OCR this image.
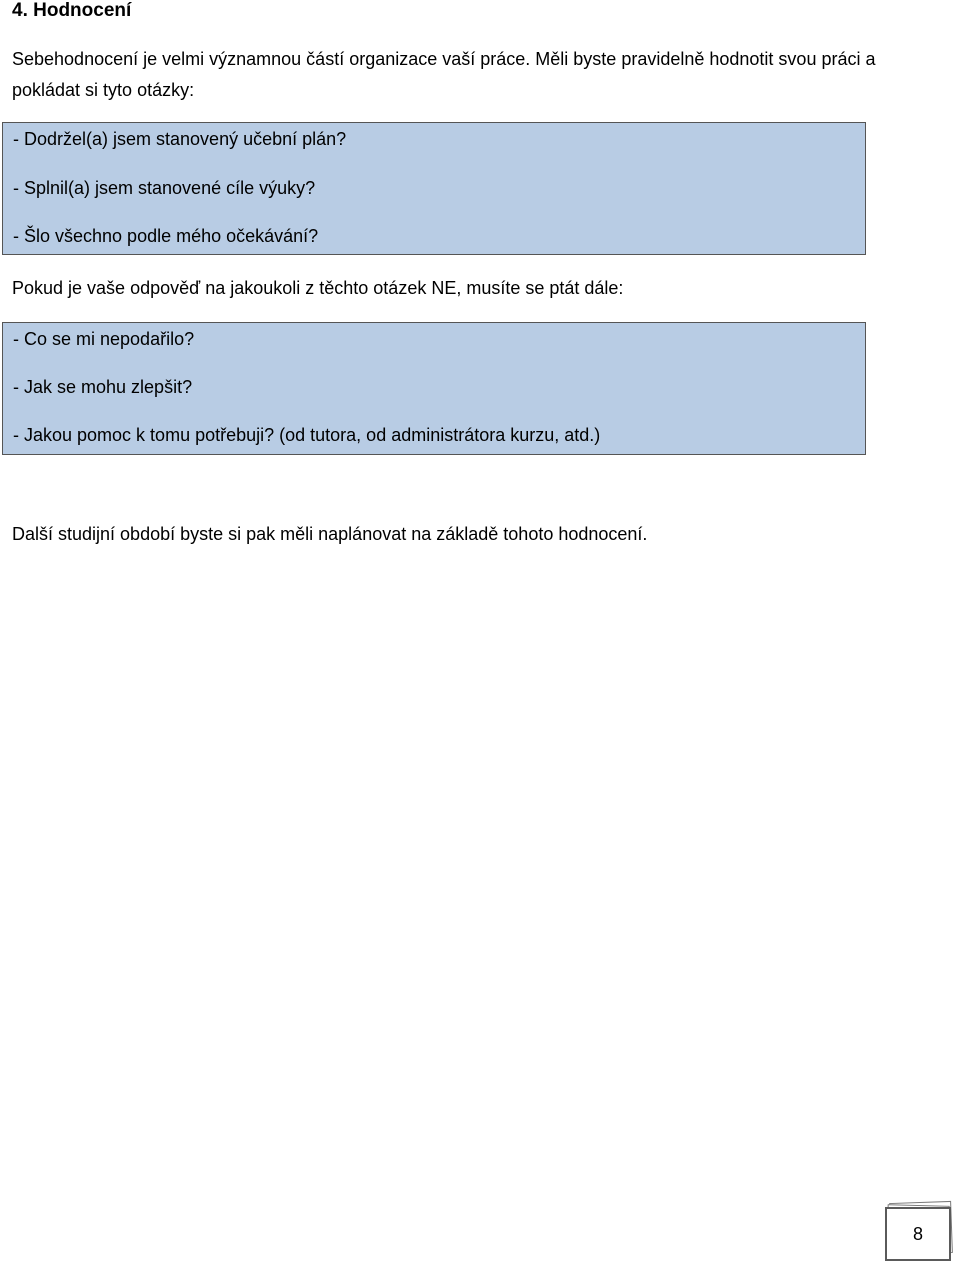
4. Hodnocení

Sebehodnocení je velmi významnou částí organizace vaší práce. Měli byste pravidelně hodnotit svou práci a pokládat si tyto otázky:

- Dodržel(a) jsem stanovený učební plán?
- Splnil(a) jsem stanovené cíle výuky?
- Šlo všechno podle mého očekávání?

Pokud je vaše odpověď na jakoukoli z těchto otázek NE, musíte se ptát dále:

- Co se mi nepodařilo?
- Jak se mohu zlepšit?
- Jakou pomoc k tomu potřebuji? (od tutora, od administrátora kurzu, atd.)

Další studijní období byste si pak měli naplánovat na základě tohoto hodnocení.

8
